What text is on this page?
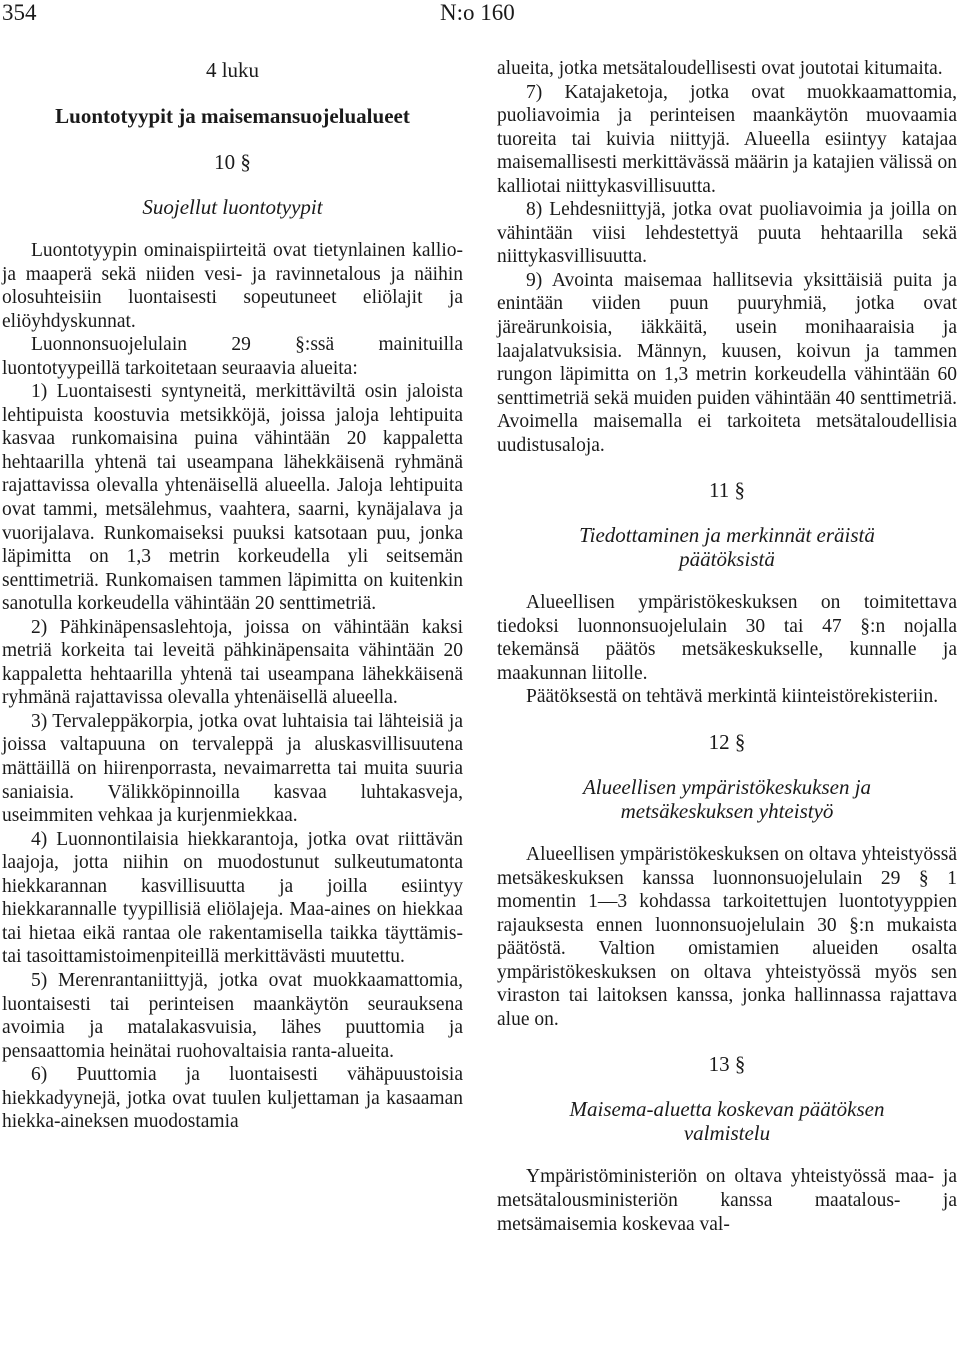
354	N:o 160
4 luku
Luontotyypit ja maisemansuojelualueet
10 §
Suojellut luontotyypit

Luontotyypin ominaispiirteitä ovat tietynlainen kallio- ja maaperä sekä niiden vesi- ja ravinnetalous ja näihin olosuhteisiin luontaisesti sopeutuneet eliölajit ja eliöyhdyskunnat.

Luonnonsuojelulain 29 §:ssä mainituilla luontotyypeillä tarkoitetaan seuraavia alueita:

1) Luontaisesti syntyneitä, merkittäviltä osin jaloista lehtipuista koostuvia metsikköjä, joissa jaloja lehtipuita kasvaa runkomaisina puina vähintään 20 kappaletta hehtaarilla yhtenä tai useampana lähekkäisenä ryhmänä rajattavissa olevalla yhtenäisellä alueella. Jaloja lehtipuita ovat tammi, metsälehmus, vaahtera, saarni, kynäjalava ja vuorijalava. Runkomaiseksi puuksi katsotaan puu, jonka läpimitta on 1,3 metrin korkeudella yli seitsemän senttimetriä. Runkomaisen tammen läpimitta on kuitenkin sanotulla korkeudella vähintään 20 senttimetriä.

2) Pähkinäpensaslehtoja, joissa on vähintään kaksi metriä korkeita tai leveitä pähkinäpensaita vähintään 20 kappaletta hehtaarilla yhtenä tai useampana lähekkäisenä ryhmänä rajattavissa olevalla yhtenäisellä alueella.

3) Tervaleppäkorpia, jotka ovat luhtaisia tai lähteisiä ja joissa valtapuuna on tervaleppä ja aluskasvillisuutena mättäillä on hiirenporrasta, nevaimarretta tai muita suuria saniaisia. Välikköpinnoilla kasvaa luhtakasveja, useimmiten vehkaa ja kurjenmiekkaa.

4) Luonnontilaisia hiekkarantoja, jotka ovat riittävän laajoja, jotta niihin on muodostunut sulkeutumatonta hiekkarannan kasvillisuutta ja joilla esiintyy hiekkarannalle tyypillisiä eliölajeja. Maa-aines on hiekkaa tai hietaa eikä rantaa ole rakentamisella taikka täyttämis- tai tasoittamistoimenpiteillä merkittävästi muutettu.

5) Merenrantaniittyjä, jotka ovat muokkaamattomia, luontaisesti tai perinteisen maankäytön seurauksena avoimia ja matalakasvuisia, lähes puuttomia ja pensaattomia heinätai ruohovaltaisia ranta-alueita.

6) Puuttomia ja luontaisesti vähäpuustoisia hiekkadyynejä, jotka ovat tuulen kuljettaman ja kasaaman hiekka-aineksen muodostamia

alueita, jotka metsätaloudellisesti ovat joutotai kitumaita.

7) Katajaketoja, jotka ovat muokkaamattomia, puoliavoimia ja perinteisen maankäytön muovaamia tuoreita tai kuivia niittyjä. Alueella esiintyy katajaa maisemallisesti merkittävässä määrin ja katajien välissä on kalliotai niittykasvillisuutta.

8) Lehdesniittyjä, jotka ovat puoliavoimia ja joilla on vähintään viisi lehdestettyä puuta hehtaarilla sekä niittykasvillisuutta.

9) Avointa maisemaa hallitsevia yksittäisiä puita ja enintään viiden puun puuryhmiä, jotka ovat järeärunkoisia, iäkkäitä, usein monihaaraisia ja laajalatvuksisia. Männyn, kuusen, koivun ja tammen rungon läpimitta on 1,3 metrin korkeudella vähintään 60 senttimetriä sekä muiden puiden vähintään 40 senttimetriä. Avoimella maisemalla ei tarkoiteta metsätaloudellisia uudistusaloja.

11 §
Tiedottaminen ja merkinnät eräistä
päätöksistä

Alueellisen ympäristökeskuksen on toimitettava tiedoksi luonnonsuojelulain 30 tai 47 §:n nojalla tekemänsä päätös metsäkeskukselle, kunnalle ja maakunnan liitolle.

Päätöksestä on tehtävä merkintä kiinteistörekisteriin.

12 §
Alueellisen ympäristökeskuksen ja
metsäkeskuksen yhteistyö

Alueellisen ympäristökeskuksen on oltava yhteistyössä metsäkeskuksen kanssa luonnonsuojelulain 29 § 1 momentin 1—3 kohdassa tarkoitettujen luontotyyppien rajauksesta ennen luonnonsuojelulain 30 §:n mukaista päätöstä. Valtion omistamien alueiden osalta ympäristökeskuksen on oltava yhteistyössä myös sen viraston tai laitoksen kanssa, jonka hallinnassa rajattava alue on.

13 §
Maisema-aluetta koskevan päätöksen
valmistelu

Ympäristöministeriön on oltava yhteistyössä maa- ja metsätalousministeriön kanssa maatalous- ja metsämaisemia koskevaa val-
